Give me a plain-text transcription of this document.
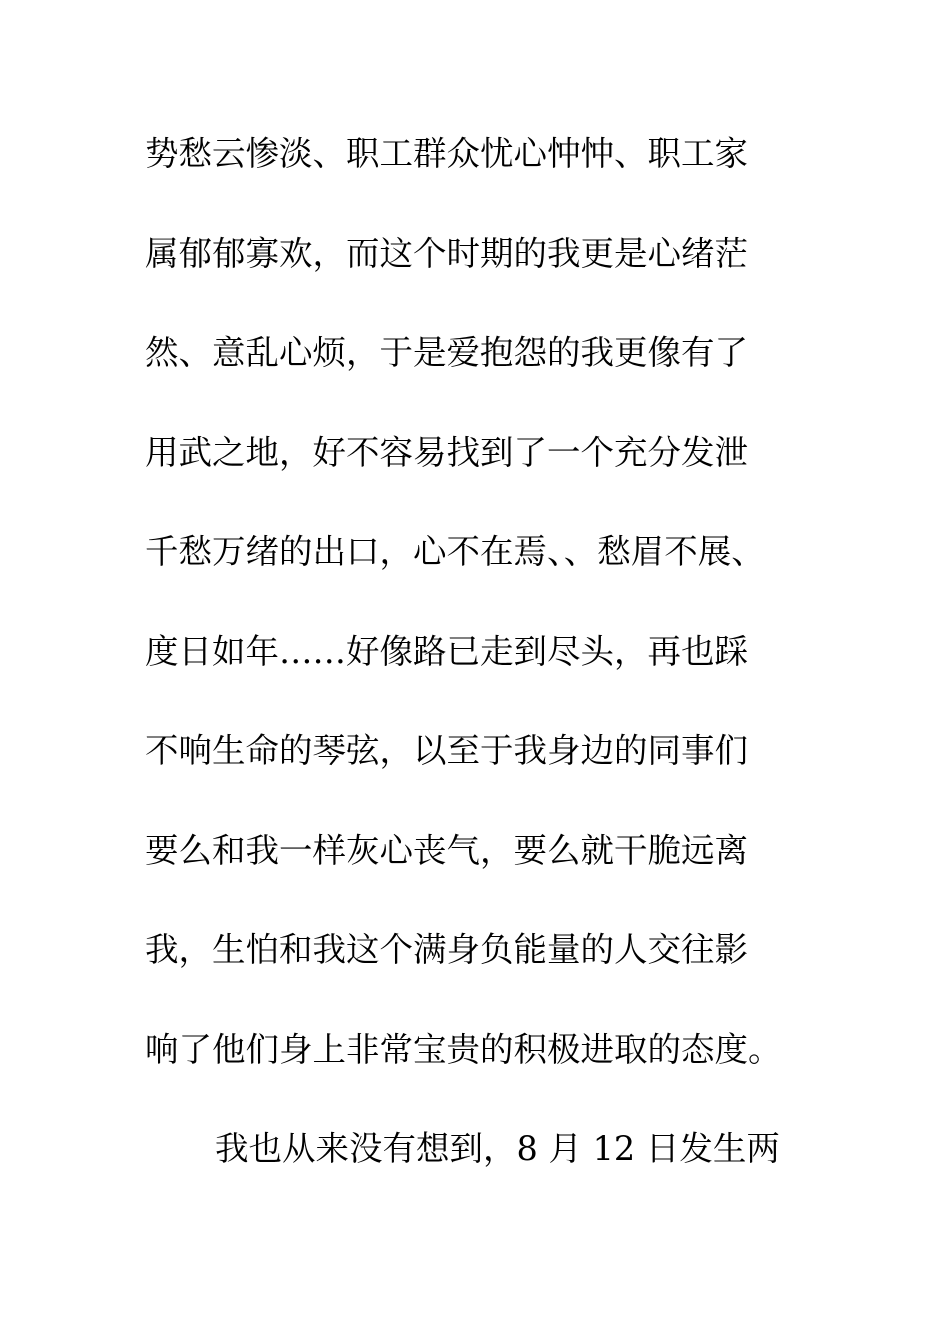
势愁云惨淡、职工群众忧心忡忡、职工家
属郁郁寡欢，而这个时期的我更是心绪茫
然、意乱心烦，于是爱抱怨的我更像有了
用武之地，好不容易找到了一个充分发泄
千愁万绪的出口，心不在焉、、愁眉不展、
度日如年……好像路已走到尽头，再也踩
不响生命的琴弦，以至于我身边的同事们
要么和我一样灰心丧气，要么就干脆远离
我，生怕和我这个满身负能量的人交往影
响了他们身上非常宝贵的积极进取的态度。
我也从来没有想到，8 月 12 日发生两
